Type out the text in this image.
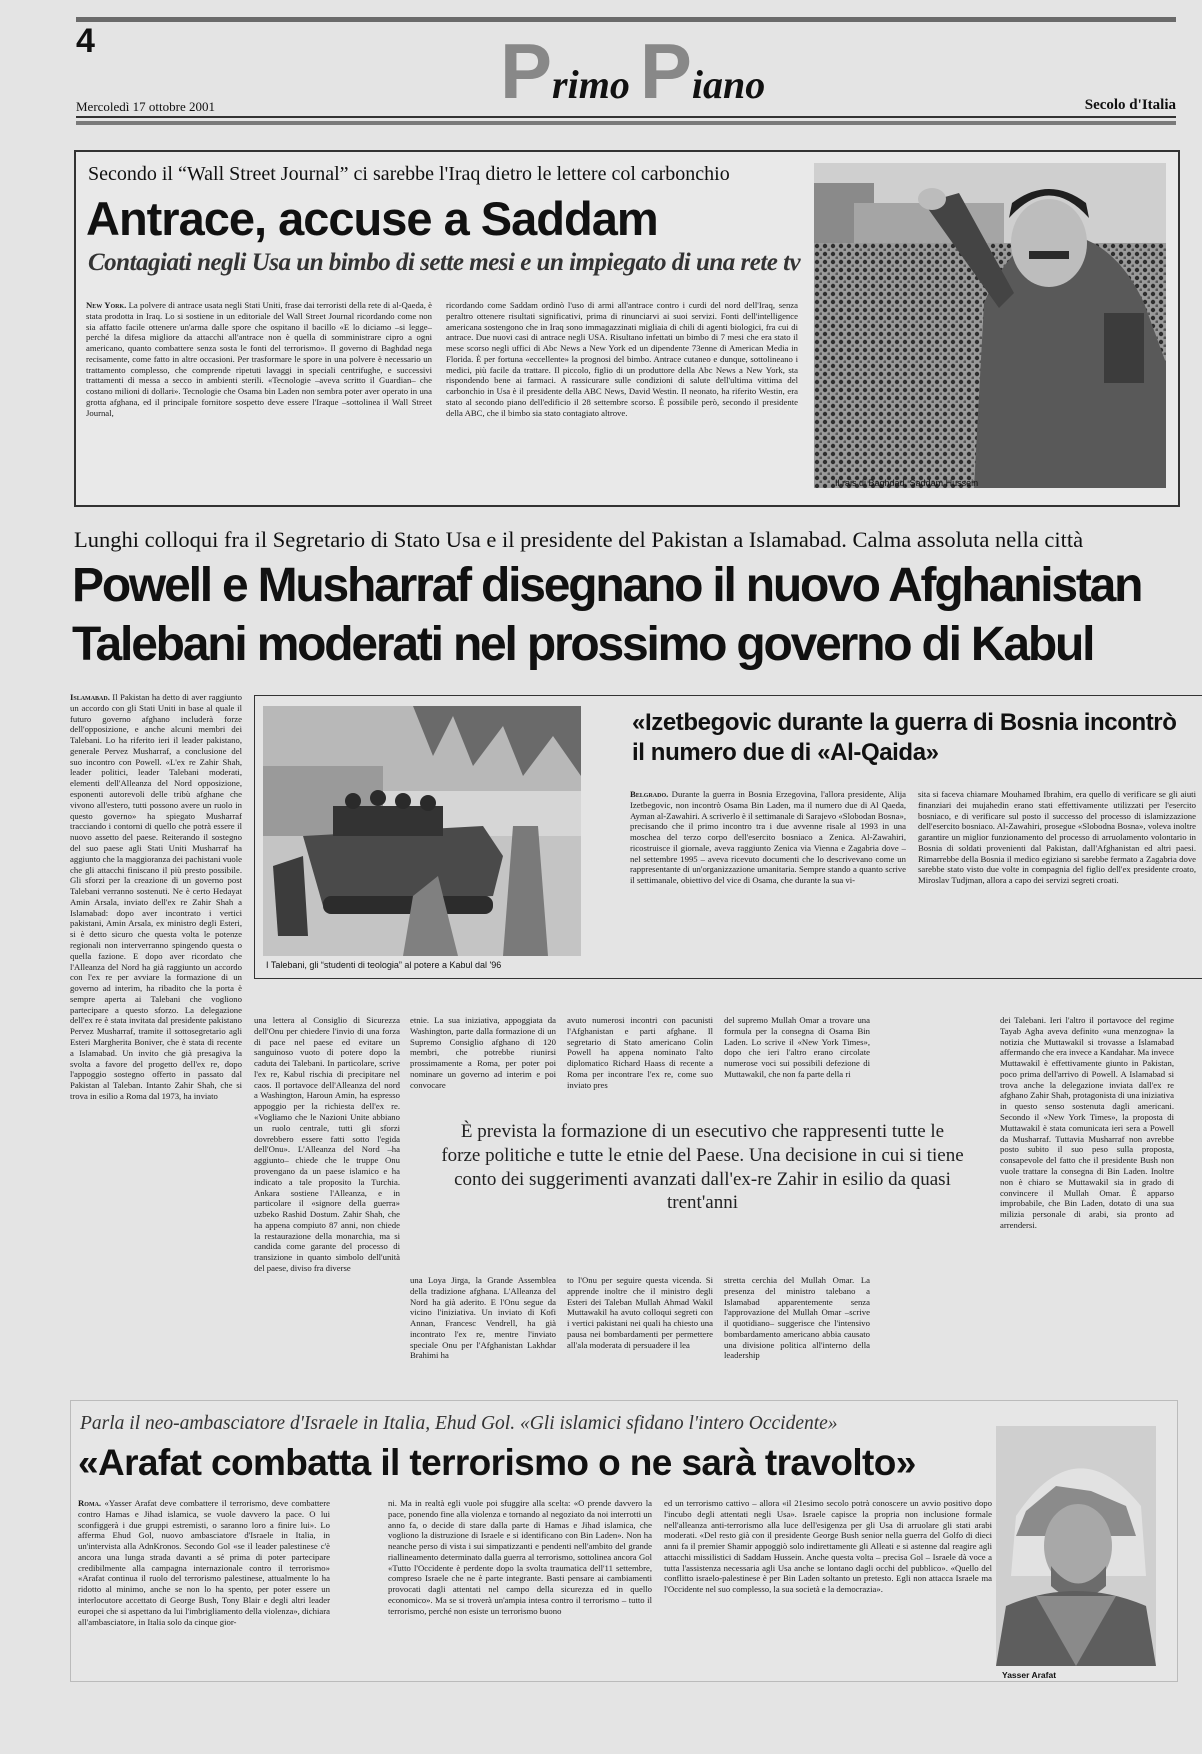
4	Primo Piano
Mercoledì 17 ottobre 2001	Secolo d'Italia
Secondo il “Wall Street Journal” ci sarebbe l'Iraq dietro le lettere col carbonchio
Antrace, accuse a Saddam
Contagiati negli Usa un bimbo di sette mesi e un impiegato di una rete tv

New York. La polvere di antrace usata negli Stati Uniti, frase dai terroristi della rete di al-Qaeda, è stata prodotta in Iraq. Lo si sostiene in un editoriale del Wall Street Journal ricordando come non sia affatto facile ottenere un'arma dalle spore che ospitano il bacillo «E lo diciamo –si legge– perché la difesa migliore da attacchi all'antrace non è quella di somministrare cipro a ogni americano, quanto combattere senza sosta le fonti del terrorismo». Il governo di Baghdad nega recisamente, come fatto in altre occasioni. Per trasformare le spore in una polvere è necessario un trattamento complesso, che comprende ripetuti lavaggi in speciali centrifughe, e successivi trattamenti di messa a secco in ambienti sterili. «Tecnologie –aveva scritto il Guardian– che costano milioni di dollari». Tecnologie che Osama bin Laden non sembra poter aver operato in una grotta afghana, ed il principale fornitore sospetto deve essere l'Iraque –sottolinea il Wall Street Journal,

ricordando come Saddam ordinò l'uso di armi all'antrace contro i curdi del nord dell'Iraq, senza peraltro ottenere risultati significativi, prima di rinunciarvi ai suoi servizi. Fonti dell'intelligence americana sostengono che in Iraq sono immagazzinati migliaia di chili di agenti biologici, fra cui di antrace. Due nuovi casi di antrace negli USA. Risultano infettati un bimbo di 7 mesi che era stato il mese scorso negli uffici di Abc News a New York ed un dipendente 73enne di American Media in Florida. È per fortuna «eccellente» la prognosi del bimbo. Antrace cutaneo e dunque, sottolineano i medici, più facile da trattare. Il piccolo, figlio di un produttore della Abc News a New York, sta rispondendo bene ai farmaci. A rassicurare sulle condizioni di salute dell'ultima vittima del carbonchio in Usa è il presidente della ABC News, David Westin. Il neonato, ha riferito Westin, era stato al secondo piano dell'edificio il 28 settembre scorso. È possibile però, secondo il presidente della ABC, che il bimbo sia stato contagiato altrove.

Il rais di Baghdad, Saddam Hussein
Lunghi colloqui fra il Segretario di Stato Usa e il presidente del Pakistan a Islamabad. Calma assoluta nella città
Powell e Musharraf disegnano il nuovo Afghanistan
Talebani moderati nel prossimo governo di Kabul

Islamabad. Il Pakistan ha detto di aver raggiunto un accordo con gli Stati Uniti in base al quale il futuro governo afghano includerà forze dell'opposizione, e anche alcuni membri dei Talebani. Lo ha riferito ieri il leader pakistano, generale Pervez Musharraf, a conclusione del suo incontro con Powell. «L'ex re Zahir Shah, leader politici, leader Talebani moderati, elementi dell'Alleanza del Nord opposizione, esponenti autorevoli delle tribù afghane che vivono all'estero, tutti possono avere un ruolo in questo governo» ha spiegato Musharraf tracciando i contorni di quello che potrà essere il nuovo assetto del paese. Reiterando il sostegno del suo paese agli Stati Uniti Musharraf ha aggiunto che la maggioranza dei pachistani vuole che gli attacchi finiscano il più presto possibile. Gli sforzi per la creazione di un governo post Talebani verranno sostenuti. Ne è certo Hedayat Amin Arsala, inviato dell'ex re Zahir Shah a Islamabad: dopo aver incontrato i vertici pakistani, Amin Arsala, ex ministro degli Esteri, si è detto sicuro che questa volta le potenze regionali non interverranno spingendo questa o quella fazione. E dopo aver ricordato che l'Alleanza del Nord ha già raggiunto un accordo con l'ex re per avviare la formazione di un governo ad interim, ha ribadito che la porta è sempre aperta ai Talebani che vogliono partecipare a questo sforzo. La delegazione dell'ex re è stata invitata dal presidente pakistano Pervez Musharraf, tramite il sottosegretario agli Esteri Margherita Boniver, che è stata di recente a Islamabad. Un invito che già presagiva la svolta a favore del progetto dell'ex re, dopo l'appoggio sostegno offerto in passato dal Pakistan al Taleban. Intanto Zahir Shah, che si trova in esilio a Roma dal 1973, ha inviato

I Talebani, gli “studenti di teologia” al potere a Kabul dal '96
«Izetbegovic durante la guerra di Bosnia incontrò il numero due di «Al-Qaida»

Belgrado. Durante la guerra in Bosnia Erzegovina, l'allora presidente, Alija Izetbegovic, non incontrò Osama Bin Laden, ma il numero due di Al Qaeda, Ayman al-Zawahiri. A scriverlo è il settimanale di Sarajevo «Slobodan Bosna», precisando che il primo incontro tra i due avvenne risale al 1993 in una moschea del terzo corpo dell'esercito bosniaco a Zenica. Al-Zawahiri, ricostruisce il giornale, aveva raggiunto Zenica via Vienna e Zagabria dove – nel settembre 1995 – aveva ricevuto documenti che lo descrivevano come un rappresentante di un'organizzazione umanitaria. Sempre stando a quanto scrive il settimanale, obiettivo del vice di Osama, che durante la sua vi-

sita si faceva chiamare Mouhamed Ibrahim, era quello di verificare se gli aiuti finanziari dei mujahedin erano stati effettivamente utilizzati per l'esercito bosniaco, e di verificare sul posto il successo del processo di islamizzazione dell'esercito bosniaco. Al-Zawahiri, prosegue «Slobodna Bosna», voleva inoltre garantire un miglior funzionamento del processo di arruolamento volontario in Bosnia di soldati provenienti dal Pakistan, dall'Afghanistan ed altri paesi. Rimarrebbe della Bosnia il medico egiziano si sarebbe fermato a Zagabria dove sarebbe stato visto due volte in compagnia del figlio dell'ex presidente croato, Miroslav Tudjman, allora a capo dei servizi segreti croati.

una lettera al Consiglio di Sicurezza dell'Onu per chiedere l'invio di una forza di pace nel paese ed evitare un sanguinoso vuoto di potere dopo la caduta dei Talebani. In particolare, scrive l'ex re, Kabul rischia di precipitare nel caos. Il portavoce dell'Alleanza del nord a Washington, Haroun Amin, ha espresso appoggio per la richiesta dell'ex re. «Vogliamo che le Nazioni Unite abbiano un ruolo centrale, tutti gli sforzi dovrebbero essere fatti sotto l'egida dell'Onu». L'Alleanza del Nord –ha aggiunto– chiede che le truppe Onu provengano da un paese islamico e ha indicato a tale proposito la Turchia. Ankara sostiene l'Alleanza, e in particolare il «signore della guerra» uzbeko Rashid Dostum. Zahir Shah, che ha appena compiuto 87 anni, non chiede la restaurazione della monarchia, ma si candida come garante del processo di transizione in quanto simbolo dell'unità del paese, diviso fra diverse

etnie. La sua iniziativa, appoggiata da Washington, parte dalla formazione di un Supremo Consiglio afghano di 120 membri, che potrebbe riunirsi prossimamente a Roma, per poter poi nominare un governo ad interim e poi convocare

avuto numerosi incontri con pacunisti l'Afghanistan e parti afghane. Il segretario di Stato americano Colin Powell ha appena nominato l'alto diplomatico Richard Haass di recente a Roma per incontrare l'ex re, come suo inviato pres

del supremo Mullah Omar a trovare una formula per la consegna di Osama Bin Laden. Lo scrive il «New York Times», dopo che ieri l'altro erano circolate numerose voci sui possibili defezione di Muttawakil, che non fa parte della ri

È prevista la formazione di un esecutivo che rappresenti tutte le forze politiche e tutte le etnie del Paese. Una decisione in cui si tiene conto dei suggerimenti avanzati dall'ex-re Zahir in esilio da quasi trent'anni

una Loya Jirga, la Grande Assemblea della tradizione afghana. L'Alleanza del Nord ha già aderito. E l'Onu segue da vicino l'iniziativa. Un inviato di Kofi Annan, Francesc Vendrell, ha già incontrato l'ex re, mentre l'inviato speciale Onu per l'Afghanistan Lakhdar Brahimi ha

to l'Onu per seguire questa vicenda. Si apprende inoltre che il ministro degli Esteri dei Taleban Mullah Ahmad Wakil Muttawakil ha avuto colloqui segreti con i vertici pakistani nei quali ha chiesto una pausa nei bombardamenti per permettere all'ala moderata di persuadere il lea

stretta cerchia del Mullah Omar. La presenza del ministro talebano a Islamabad apparentemente senza l'approvazione del Mullah Omar –scrive il quotidiano– suggerisce che l'intensivo bombardamento americano abbia causato una divisione politica all'interno della leadership

dei Talebani. Ieri l'altro il portavoce del regime Tayab Agha aveva definito «una menzogna» la notizia che Muttawakil si trovasse a Islamabad affermando che era invece a Kandahar. Ma invece Muttawakil è effettivamente giunto in Pakistan, poco prima dell'arrivo di Powell. A Islamabad si trova anche la delegazione inviata dall'ex re afghano Zahir Shah, protagonista di una iniziativa in questo senso sostenuta dagli americani. Secondo il «New York Times», la proposta di Muttawakil è stata comunicata ieri sera a Powell da Musharraf. Tuttavia Musharraf non avrebbe posto subito il suo peso sulla proposta, consapevole del fatto che il presidente Bush non vuole trattare la consegna di Bin Laden. Inoltre non è chiaro se Muttawakil sia in grado di convincere il Mullah Omar. È apparso improbabile, che Bin Laden, dotato di una sua milizia personale di arabi, sia pronto ad arrendersi.

Parla il neo-ambasciatore d'Israele in Italia, Ehud Gol. «Gli islamici sfidano l'intero Occidente»
«Arafat combatta il terrorismo o ne sarà travolto»

Roma. «Yasser Arafat deve combattere il terrorismo, deve combattere contro Hamas e Jihad islamica, se vuole davvero la pace. O lui sconfiggerà i due gruppi estremisti, o saranno loro a finire lui». Lo afferma Ehud Gol, nuovo ambasciatore d'Israele in Italia, in un'intervista alla AdnKronos. Secondo Gol «se il leader palestinese c'è ancora una lunga strada davanti a sé prima di poter partecipare credibilmente alla campagna internazionale contro il terrorismo» «Arafat continua il ruolo del terrorismo palestinese, attualmente lo ha ridotto al minimo, anche se non lo ha spento, per poter essere un interlocutore accettato di George Bush, Tony Blair e degli altri leader europei che si aspettano da lui l'imbrigliamento della violenza», dichiara all'ambasciatore, in Italia solo da cinque gior-

ni. Ma in realtà egli vuole poi sfuggire alla scelta: «O prende davvero la pace, ponendo fine alla violenza e tornando al negoziato da noi interrotti un anno fa, o decide di stare dalla parte di Hamas e Jihad islamica, che vogliono la distruzione di Israele e si identificano con Bin Laden». Non ha neanche perso di vista i sui simpatizzanti e pendenti nell'ambito del grande riallineamento determinato dalla guerra al terrorismo, sottolinea ancora Gol «Tutto l'Occidente è perdente dopo la svolta traumatica dell'11 settembre, compreso Israele che ne è parte integrante. Basti pensare ai cambiamenti provocati dagli attentati nel campo della sicurezza ed in quello economico». Ma se si troverà un'ampia intesa contro il terrorismo – tutto il terrorismo, perché non esiste un terrorismo buono

ed un terrorismo cattivo – allora «il 21esimo secolo potrà conoscere un avvio positivo dopo l'incubo degli attentati negli Usa». Israele capisce la propria non inclusione formale nell'alleanza anti-terrorismo alla luce dell'esigenza per gli Usa di arruolare gli stati arabi moderati. «Del resto già con il presidente George Bush senior nella guerra del Golfo di dieci anni fa il premier Shamir appoggiò solo indirettamente gli Alleati e si astenne dal reagire agli attacchi missilistici di Saddam Hussein. Anche questa volta – precisa Gol – Israele dà voce a tutta l'assistenza necessaria agli Usa anche se lontano dagli occhi del pubblico». «Quello del conflitto israelo-palestinese è per Bin Laden soltanto un pretesto. Egli non attacca Israele ma l'Occidente nel suo complesso, la sua società e la democrazia».

Yasser Arafat
